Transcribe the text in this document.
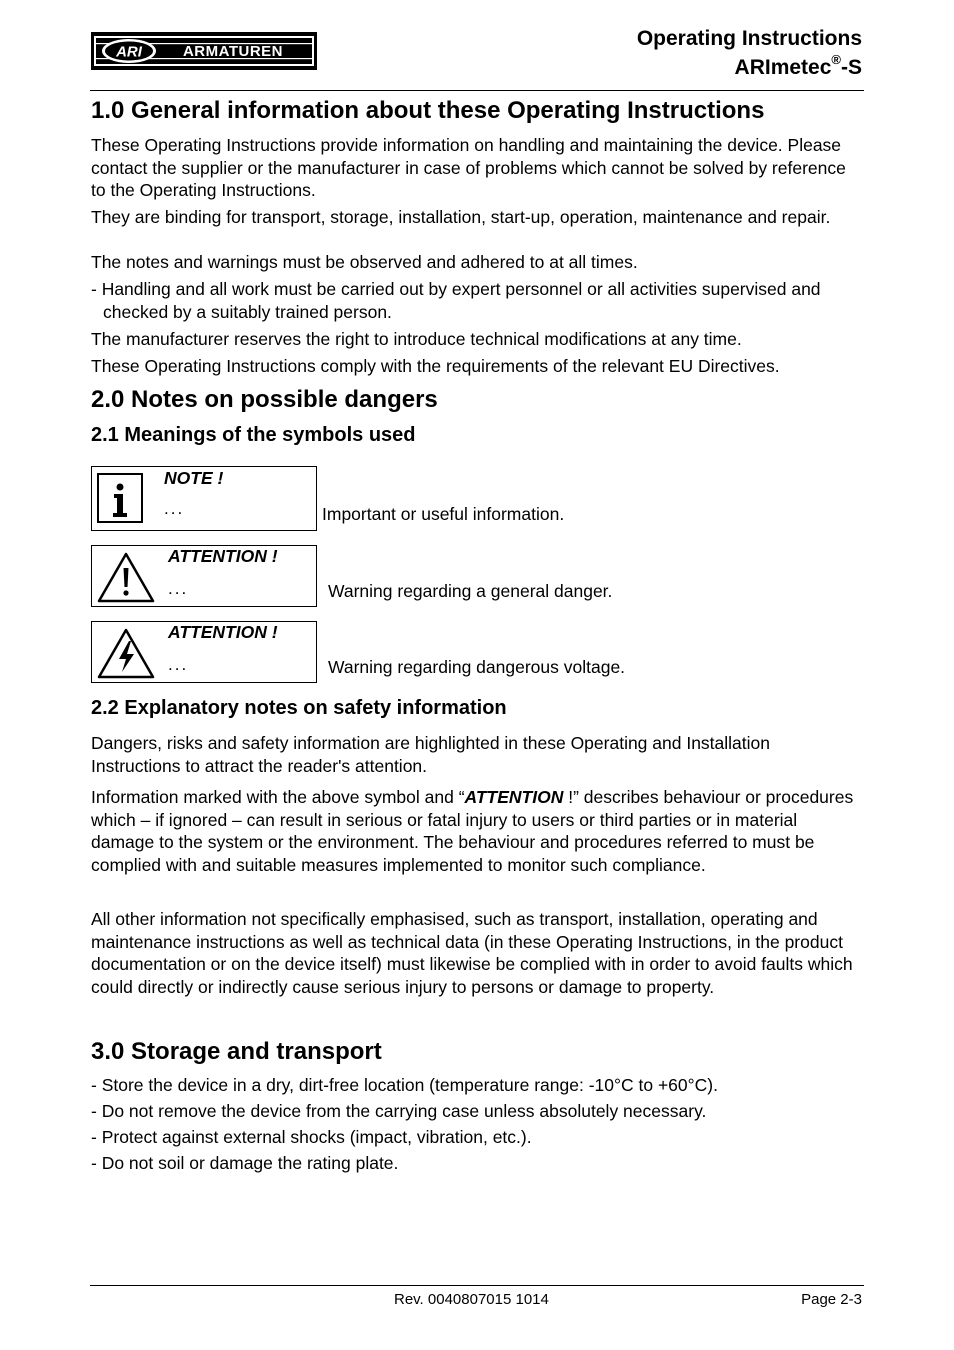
ARI	ARMATUREN
Operating Instructions
ARImetec®-S
1.0 General information about these Operating Instructions
These Operating Instructions provide information on handling and maintaining the device. Please contact the supplier or the manufacturer in case of problems which cannot be solved by reference to the Operating Instructions.
They are binding for transport, storage, installation, start-up, operation, maintenance and repair.
The notes and warnings must be observed and adhered to at all times.
- Handling and all work must be carried out by expert personnel or all activities supervised and checked by a suitably trained person.
The manufacturer reserves the right to introduce technical modifications at any time.
These Operating Instructions comply with the requirements of the relevant EU Directives.
2.0 Notes on possible dangers
2.1 Meanings of the symbols used
NOTE !
...	Important or useful information.
ATTENTION !
...	Warning regarding a general danger.
ATTENTION !
...	Warning regarding dangerous voltage.
2.2 Explanatory notes on safety information
Dangers, risks and safety information are highlighted in these Operating and Installation Instructions to attract the reader's attention.
Information marked with the above symbol and “ATTENTION !” describes behaviour or procedures which – if ignored – can result in serious or fatal injury to users or third parties or in material damage to the system or the environment. The behaviour and procedures referred to must be complied with and suitable measures implemented to monitor such compliance.
All other information not specifically emphasised, such as transport, installation, operating and maintenance instructions as well as technical data (in these Operating Instructions, in the product documentation or on the device itself) must likewise be complied with in order to avoid faults which could directly or indirectly cause serious injury to persons or damage to property.
3.0 Storage and transport
- Store the device in a dry, dirt-free location (temperature range: -10°C to +60°C).
- Do not remove the device from the carrying case unless absolutely necessary.
- Protect against external shocks (impact, vibration, etc.).
- Do not soil or damage the rating plate.
Rev. 0040807015 1014	Page 2-3
